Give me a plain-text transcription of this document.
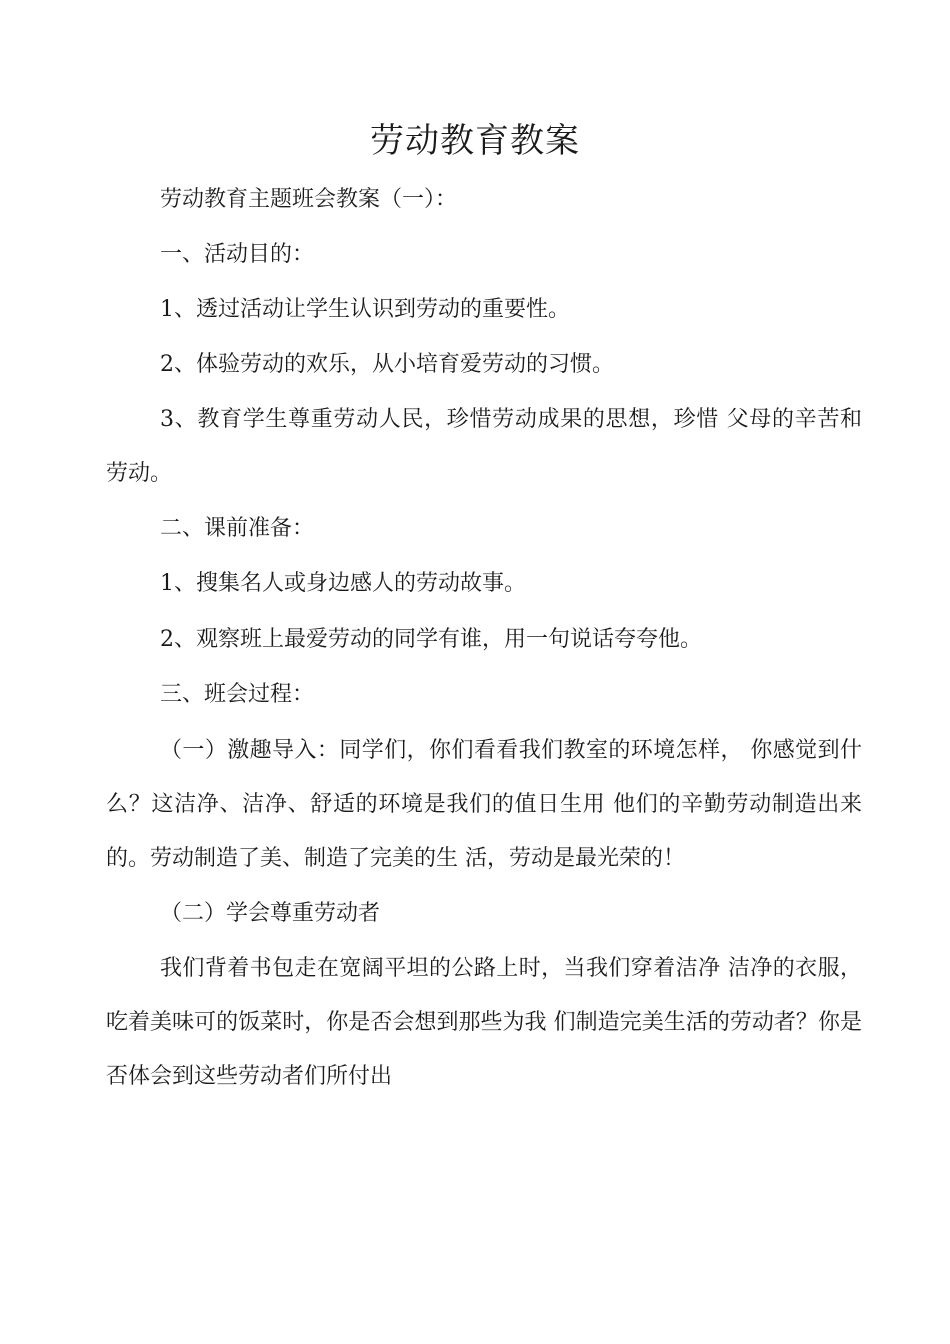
劳动教育教案

劳动教育主题班会教案（一）：

一、活动目的：

1、透过活动让学生认识到劳动的重要性。

2、体验劳动的欢乐，从小培育爱劳动的习惯。

3、教育学生尊重劳动人民，珍惜劳动成果的思想，珍惜 父母的辛苦和劳动。

二、课前准备：

1、搜集名人或身边感人的劳动故事。

2、观察班上最爱劳动的同学有谁，用一句说话夸夸他。

三、班会过程：

（一）激趣导入：同学们，你们看看我们教室的环境怎样， 你感觉到什么？这洁净、洁净、舒适的环境是我们的值日生用 他们的辛勤劳动制造出来的。劳动制造了美、制造了完美的生 活，劳动是最光荣的！

（二）学会尊重劳动者

我们背着书包走在宽阔平坦的公路上时，当我们穿着洁净 洁净的衣服，吃着美味可的饭菜时，你是否会想到那些为我 们制造完美生活的劳动者？你是否体会到这些劳动者们所付出
